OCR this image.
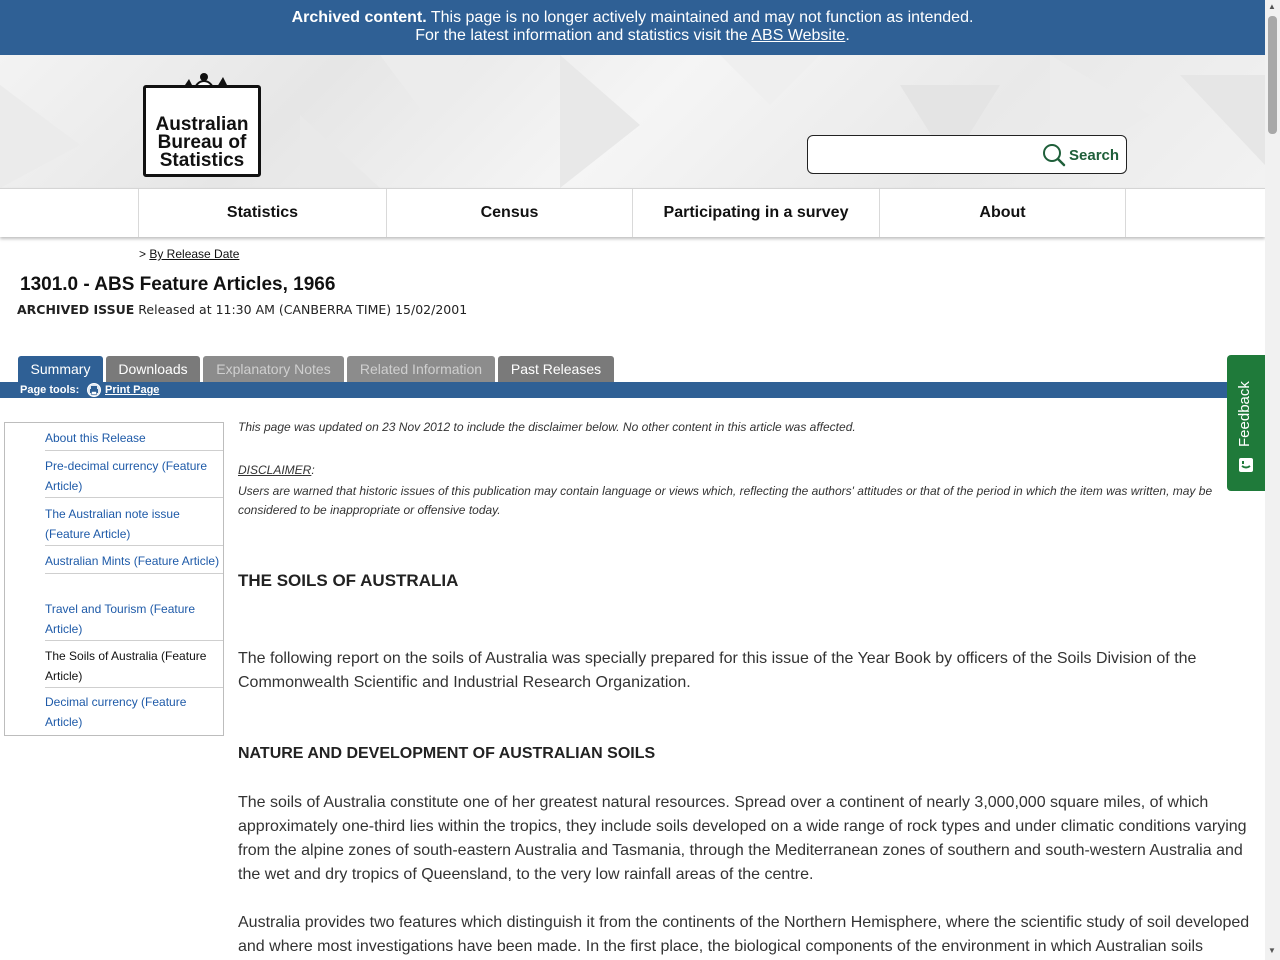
Archived content. This page is no longer actively maintained and may not function as intended.
For the latest information and statistics visit the ABS Website.
Australian
Bureau of
Statistics	Search
Statistics	Census	Participating in a survey	About
> By Release Date
1301.0 - ABS Feature Articles, 1966
ARCHIVED ISSUE Released at 11:30 AM (CANBERRA TIME) 15/02/2001
Summary	Downloads	Explanatory Notes	Related Information	Past Releases
Page tools: Print Page
About this Release
Pre-decimal currency (Feature Article)
The Australian note issue (Feature Article)
Australian Mints (Feature Article)
Travel and Tourism (Feature Article)
The Soils of Australia (Feature Article)
Decimal currency (Feature Article)
This page was updated on 23 Nov 2012 to include the disclaimer below. No other content in this article was affected.
DISCLAIMER:
Users are warned that historic issues of this publication may contain language or views which, reflecting the authors' attitudes or that of the period in which the item was written, may be considered to be inappropriate or offensive today.
THE SOILS OF AUSTRALIA

The following report on the soils of Australia was specially prepared for this issue of the Year Book by officers of the Soils Division of the Commonwealth Scientific and Industrial Research Organization.

NATURE AND DEVELOPMENT OF AUSTRALIAN SOILS

The soils of Australia constitute one of her greatest natural resources. Spread over a continent of nearly 3,000,000 square miles, of which approximately one-third lies within the tropics, they include soils developed on a wide range of rock types and under climatic conditions varying from the alpine zones of south-eastern Australia and Tasmania, through the Mediterranean zones of southern and south-western Australia and the wet and dry tropics of Queensland, to the very low rainfall areas of the centre.

Australia provides two features which distinguish it from the continents of the Northern Hemisphere, where the scientific study of soil developed and where most investigations have been made. In the first place, the biological components of the environment in which Australian soils

Feedback
▲
▼
